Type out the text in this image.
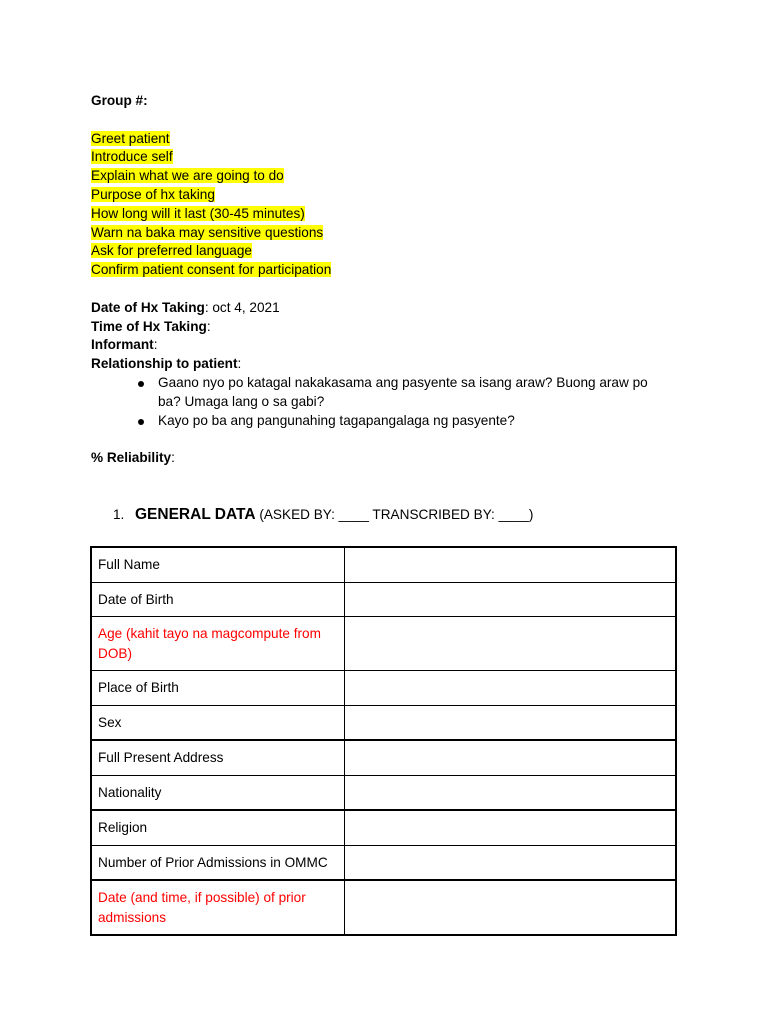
Group #:
Greet patient
Introduce self
Explain what we are going to do
Purpose of hx taking
How long will it last (30-45 minutes)
Warn na baka may sensitive questions
Ask for preferred language
Confirm patient consent for participation
Date of Hx Taking: oct 4, 2021
Time of Hx Taking:
Informant:
Relationship to patient:
Gaano nyo po katagal nakakasama ang pasyente sa isang araw? Buong araw po ba? Umaga lang o sa gabi?
Kayo po ba ang pangunahing tagapangalaga ng pasyente?
% Reliability:
1. GENERAL DATA (ASKED BY: ____ TRANSCRIBED BY: ____)
Full Name	
Date of Birth	
Age (kahit tayo na magcompute from DOB)	
Place of Birth	
Sex	
Full Present Address	
Nationality	
Religion	
Number of Prior Admissions in OMMC	
Date (and time, if possible) of prior admissions	
